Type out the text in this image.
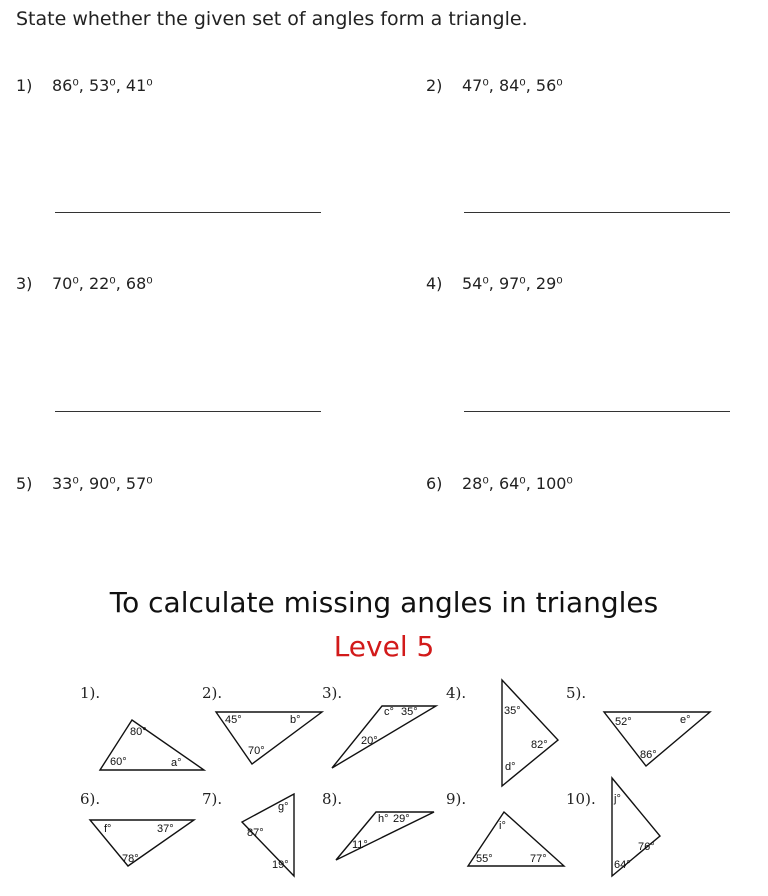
State whether the given set of angles form a triangle.
1) 86⁰, 53⁰, 41⁰	2) 47⁰, 84⁰, 56⁰
3) 70⁰, 22⁰, 68⁰	4) 54⁰, 97⁰, 29⁰
5) 33⁰, 90⁰, 57⁰	6) 28⁰, 64⁰, 100⁰
To calculate missing angles in triangles
Level 5
1).	2).	3).	4).	5).
6).	7).	8).	9).	10).
80°
60°	a°
45°	b°
70°
c° 35°
20°
35°
82°
d°
52°	e°
86°
f°	37°
78°
g°
87°
19°
h° 29°
11°
i°
55°	77°
j°
76°
64°
